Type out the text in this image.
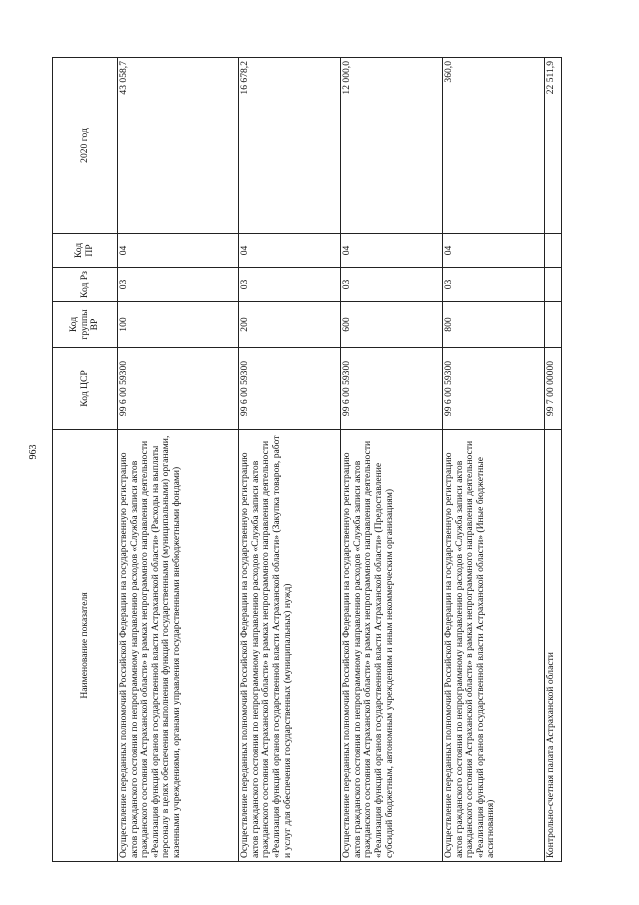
963
Наименование показателя	Код ЦСР	Код группы ВР	Код Рз	Код ПР	2020 год
Осуществление переданных полномочий Российской Федерации на государственную регистрацию актов гражданского состояния по непрограммному направлению расходов «Служба записи актов гражданского состояния Астраханской области» в рамках непрограммного направления деятельности «Реализация функций органов государственной власти Астраханской области» (Расходы на выплаты персоналу в целях обеспечения выполнения функций государственными (муниципальными) органами, казенными учреждениями, органами управления государственными внебюджетными фондами)	99 6 00 59300	100	03	04	43 058,7
Осуществление переданных полномочий Российской Федерации на государственную регистрацию актов гражданского состояния по непрограммному направлению расходов «Служба записи актов гражданского состояния Астраханской области» в рамках непрограммного направления деятельности «Реализация функций органов государственной власти Астраханской области» (Закупка товаров, работ и услуг для обеспечения государственных (муниципальных) нужд)	99 6 00 59300	200	03	04	16 678,2
Осуществление переданных полномочий Российской Федерации на государственную регистрацию актов гражданского состояния по непрограммному направлению расходов «Служба записи актов гражданского состояния Астраханской области» в рамках непрограммного направления деятельности «Реализация функций органов государственной власти Астраханской области» (Предоставление субсидий бюджетным, автономным учреждениям и иным некоммерческим организациям)	99 6 00 59300	600	03	04	12 000,0
Осуществление переданных полномочий Российской Федерации на государственную регистрацию актов гражданского состояния по непрограммному направлению расходов «Служба записи актов гражданского состояния Астраханской области» в рамках непрограммного направления деятельности «Реализация функций органов государственной власти Астраханской области» (Иные бюджетные ассигнования)	99 6 00 59300	800	03	04	360,0
Контрольно-счетная палата Астраханской области	99 7 00 00000				22 511,9
